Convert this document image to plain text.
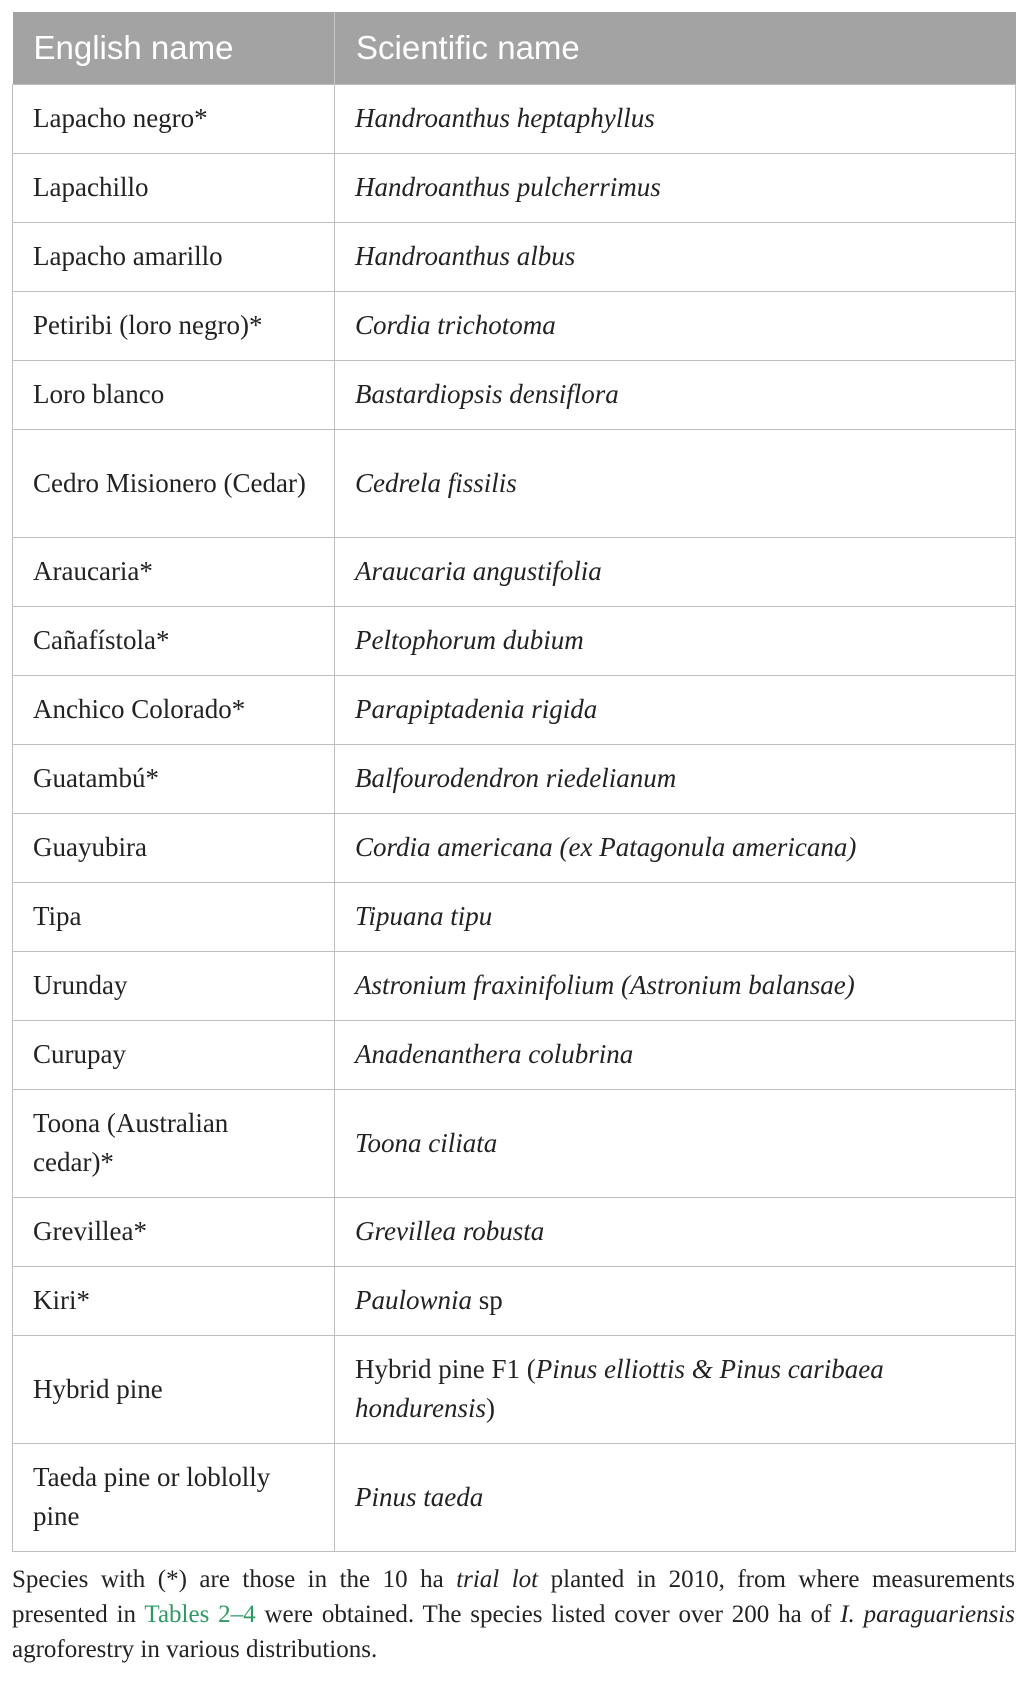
English name	Scientific name
Lapacho negro*	Handroanthus heptaphyllus
Lapachillo	Handroanthus pulcherrimus
Lapacho amarillo	Handroanthus albus
Petiribi (loro negro)*	Cordia trichotoma
Loro blanco	Bastardiopsis densiflora
Cedro Misionero (Cedar)	Cedrela fissilis
Araucaria*	Araucaria angustifolia
Cañafístola*	Peltophorum dubium
Anchico Colorado*	Parapiptadenia rigida
Guatambú*	Balfourodendron riedelianum
Guayubira	Cordia americana (ex Patagonula americana)
Tipa	Tipuana tipu
Urunday	Astronium fraxinifolium (Astronium balansae)
Curupay	Anadenanthera colubrina
Toona (Australian cedar)*	Toona ciliata
Grevillea*	Grevillea robusta
Kiri*	Paulownia sp
Hybrid pine	Hybrid pine F1 (Pinus elliottis & Pinus caribaea hondurensis)
Taeda pine or loblolly pine	Pinus taeda

Species with (*) are those in the 10 ha trial lot planted in 2010, from where measurements presented in Tables 2–4 were obtained. The species listed cover over 200 ha of I. paraguariensis agroforestry in various distributions.
